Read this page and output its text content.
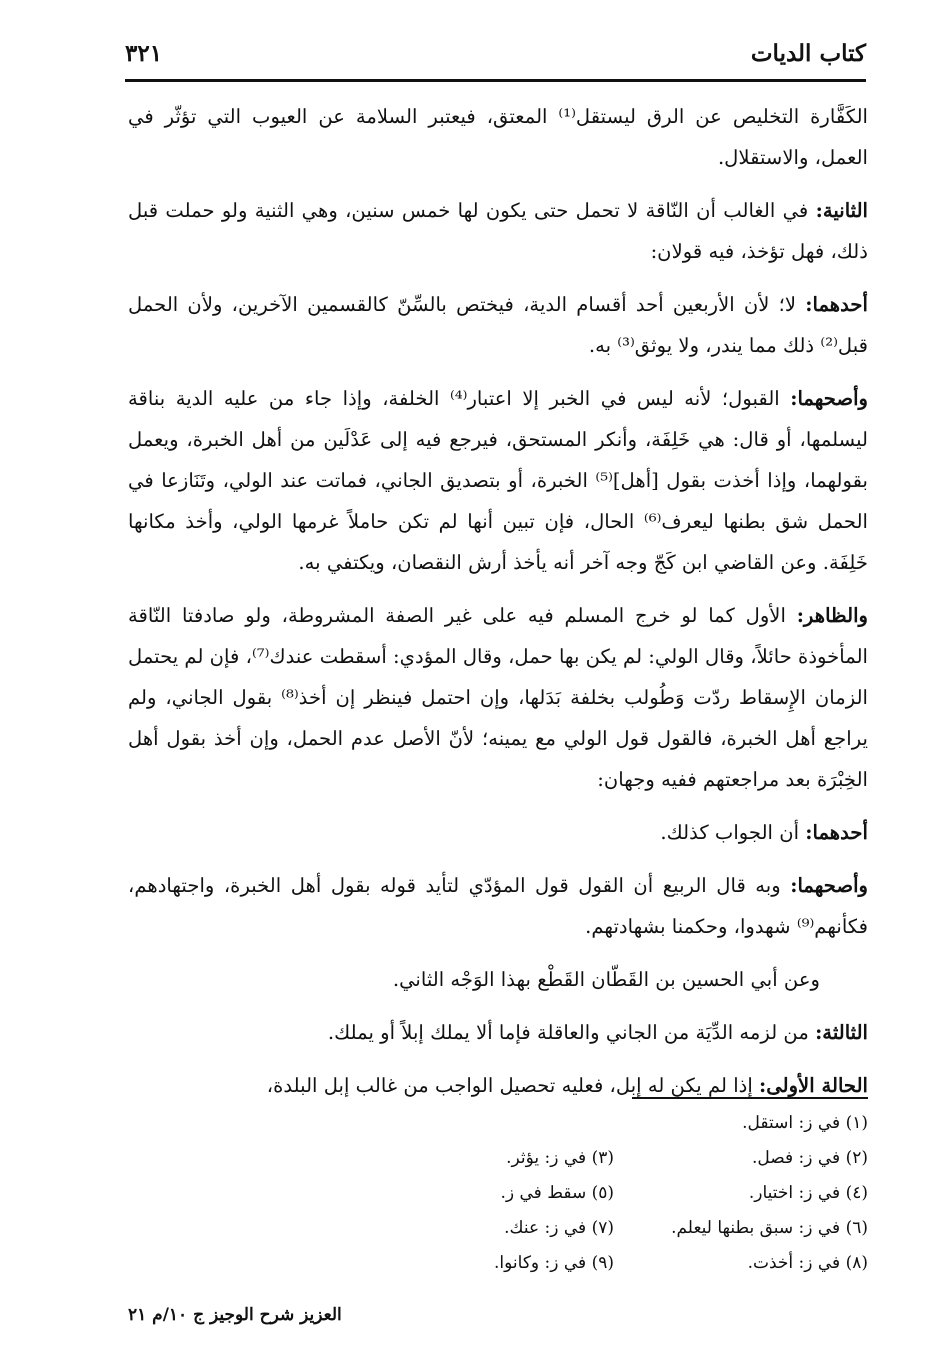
كتاب الديات
٣٢١

الكَفَّارة التخليص عن الرق ليستقل⁽¹⁾ المعتق، فيعتبر السلامة عن العيوب التي تؤثّر في العمل، والاستقلال.

الثانية: في الغالب أن النّاقة لا تحمل حتى يكون لها خمس سنين، وهي الثنية ولو حملت قبل ذلك، فهل تؤخذ، فيه قولان:

أحدهما: لا؛ لأن الأربعين أحد أقسام الدية، فيختص بالسِّنّ كالقسمين الآخرين، ولأن الحمل قبل⁽²⁾ ذلك مما يندر، ولا يوثق⁽³⁾ به.

وأصحهما: القبول؛ لأنه ليس في الخبر إلا اعتبار⁽⁴⁾ الخلفة، وإذا جاء من عليه الدية بناقة ليسلمها، أو قال: هي خَلِفَة، وأنكر المستحق، فيرجع فيه إلى عَدْلَين من أهل الخبرة، ويعمل بقولهما، وإذا أخذت بقول [أهل]⁽⁵⁾ الخبرة، أو بتصديق الجاني، فماتت عند الولي، وتَنَازعا في الحمل شق بطنها ليعرف⁽⁶⁾ الحال، فإن تبين أنها لم تكن حاملاً غرمها الولي، وأخذ مكانها خَلِفَة. وعن القاضي ابن كَجّ وجه آخر أنه يأخذ أرش النقصان، ويكتفي به.

والظاهر: الأول كما لو خرج المسلم فيه على غير الصفة المشروطة، ولو صادفتا النّاقة المأخوذة حائلاً، وقال الولي: لم يكن بها حمل، وقال المؤدي: أسقطت عندك⁽⁷⁾، فإن لم يحتمل الزمان الإِسقاط ردّت وَطُولب بخلفة بَدَلها، وإن احتمل فينظر إن أخذ⁽⁸⁾ بقول الجاني، ولم يراجع أهل الخبرة، فالقول قول الولي مع يمينه؛ لأنّ الأصل عدم الحمل، وإن أخذ بقول أهل الخِبْرَة بعد مراجعتهم ففيه وجهان:

أحدهما: أن الجواب كذلك.

وأصحهما: وبه قال الربيع أن القول قول المؤدّي لتأيد قوله بقول أهل الخبرة، واجتهادهم، فكأنهم⁽⁹⁾ شهدوا، وحكمنا بشهادتهم.

وعن أبي الحسين بن القَطّان القَطْع بهذا الوَجْه الثاني.

الثالثة: من لزمه الدِّيَة من الجاني والعاقلة فإما ألا يملك إبلاً أو يملك.

الحالة الأولى: إذا لم يكن له إبل، فعليه تحصيل الواجب من غالب إبل البلدة،

(١) في ز: استقل.
(٢) في ز: فصل.
(٣) في ز: يؤثر.
(٤) في ز: اختيار.
(٥) سقط في ز.
(٦) في ز: سبق بطنها ليعلم.
(٧) في ز: عنك.
(٨) في ز: أخذت.
(٩) في ز: وكانوا.
العزيز شرح الوجيز ج ١٠/م ٢١
